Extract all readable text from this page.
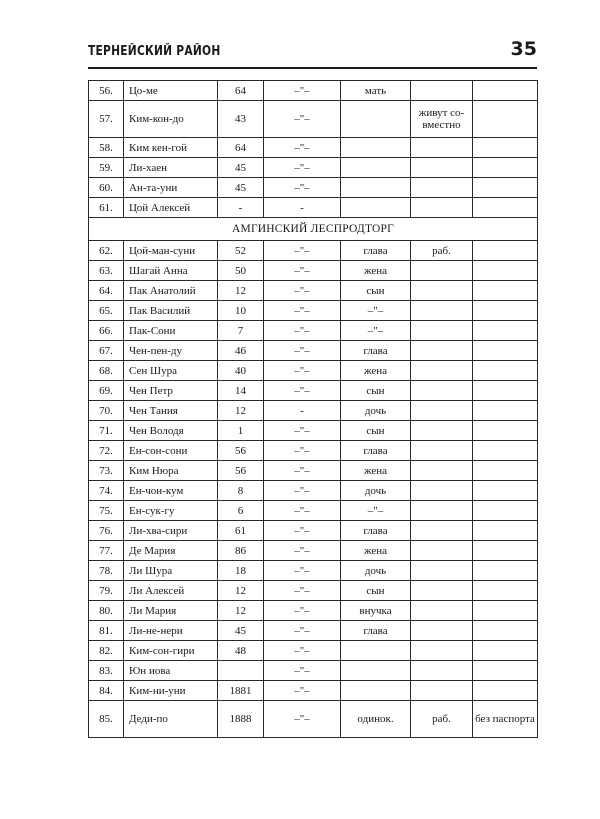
ТЕРНЕЙСКИЙ РАЙОН	35
56.	Цо-ме	64	–"–	мать		
57.	Ким-кон-до	43	–"–		живут со-вместно	
58.	Ким кен-гой	64	–"–			
59.	Ли-хаен	45	–"–			
60.	Ан-та-уни	45	–"–			
61.	Цой Алексей	-	-			
АМГИНСКИЙ ЛЕСПРОДТОРГ						
62.	Цой-ман-суни	52	–"–	глава	раб.	
63.	Шагай Анна	50	–"–	жена		
64.	Пак Анатолий	12	–"–	сын		
65.	Пак Василий	10	–"–	–"–		
66.	Пак-Сони	7	–"–	–"–		
67.	Чен-пен-ду	46	–"–	глава		
68.	Сен Шура	40	–"–	жена		
69.	Чен Петр	14	–"–	сын		
70.	Чен Тания	12	-	дочь		
71.	Чен Володя	1	–"–	сын		
72.	Ен-сон-сони	56	–"–	глава		
73.	Ким Нюра	56	–"–	жена		
74.	Ен-чон-кум	8	–"–	дочь		
75.	Ен-сук-гу	6	–"–	–"–		
76.	Ли-хва-сири	61	–"–	глава		
77.	Де Мария	86	–"–	жена		
78.	Ли Шура	18	–"–	дочь		
79.	Ли Алексей	12	–"–	сын		
80.	Ли Мария	12	–"–	внучка		
81.	Ли-не-нери	45	–"–	глава		
82.	Ким-сон-гири	48	–"–			
83.	Юн иова		–"–			
84.	Ким-ни-уни	1881	–"–			
85.	Деди-по	1888	–"–	одинок.	раб.	без паспорта
